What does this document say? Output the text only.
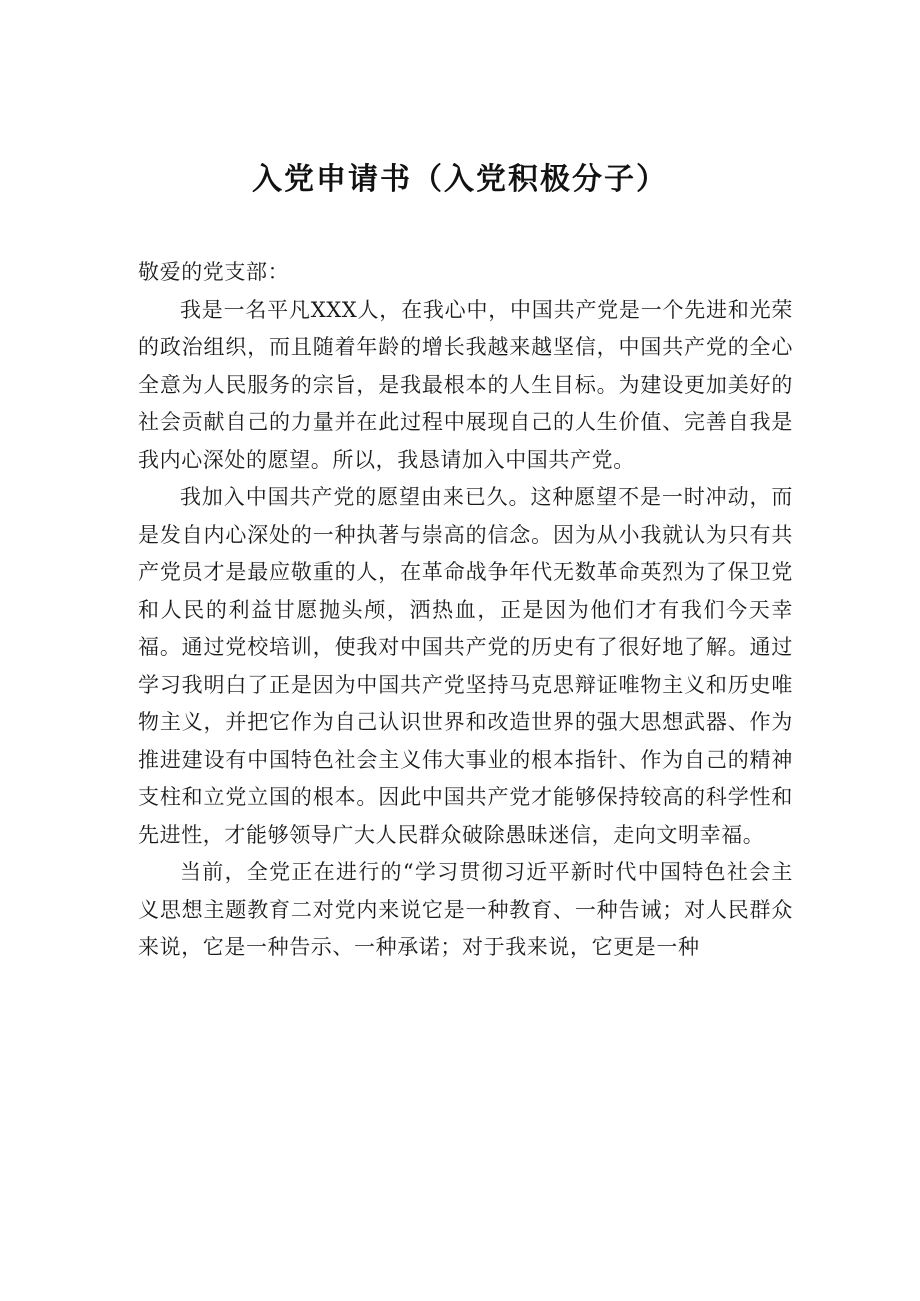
入党申请书（入党积极分子）

敬爱的党支部：

我是一名平凡XXX人，在我心中，中国共产党是一个先进和光荣的政治组织，而且随着年龄的增长我越来越坚信，中国共产党的全心全意为人民服务的宗旨，是我最根本的人生目标。为建设更加美好的社会贡献自己的力量并在此过程中展现自己的人生价值、完善自我是我内心深处的愿望。所以，我恳请加入中国共产党。

我加入中国共产党的愿望由来已久。这种愿望不是一时冲动，而是发自内心深处的一种执著与崇高的信念。因为从小我就认为只有共产党员才是最应敬重的人，在革命战争年代无数革命英烈为了保卫党和人民的利益甘愿抛头颅，洒热血，正是因为他们才有我们今天幸福。通过党校培训，使我对中国共产党的历史有了很好地了解。通过学习我明白了正是因为中国共产党坚持马克思辩证唯物主义和历史唯物主义，并把它作为自己认识世界和改造世界的强大思想武器、作为推进建设有中国特色社会主义伟大事业的根本指针、作为自己的精神支柱和立党立国的根本。因此中国共产党才能够保持较高的科学性和先进性，才能够领导广大人民群众破除愚昧迷信，走向文明幸福。

当前，全党正在进行的“学习贯彻习近平新时代中国特色社会主义思想主题教育二对党内来说它是一种教育、一种告诫；对人民群众来说，它是一种告示、一种承诺；对于我来说，它更是一种
